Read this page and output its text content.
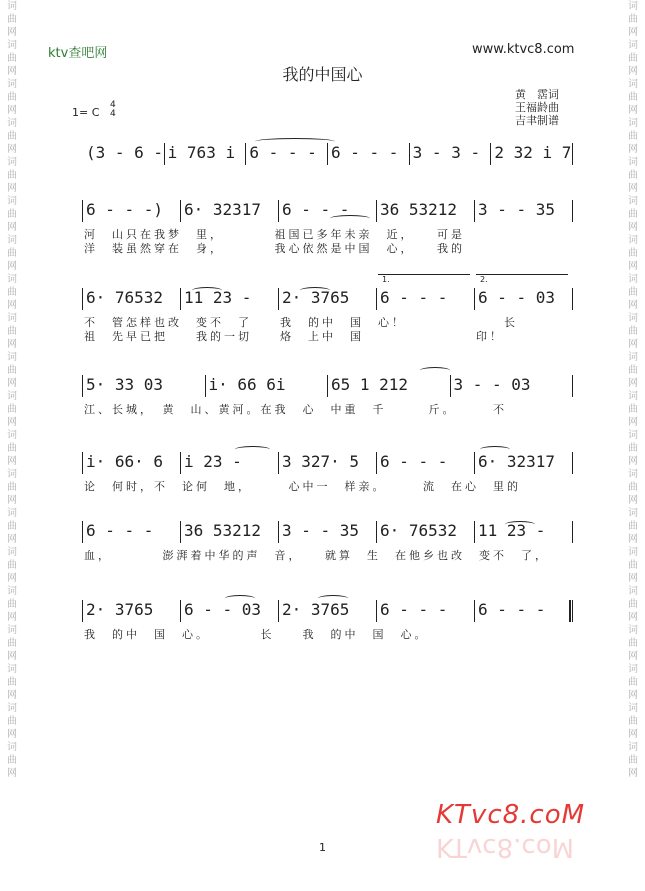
词
曲
网
词
曲
网
词
曲
网
词
曲
网
词
曲
网
词
曲
网
词
曲
网
词
曲
网
词
曲
网
词
曲
网
词
曲
网
词
曲
网
词
曲
网
词
曲
网
词
曲
网
词
曲
网
词
曲
网
词
曲
网
词
曲
网
词
曲
网
词
曲
网
词
曲
网
词
曲
网
词
曲
网
词
曲
网
词
曲
网
词
曲
网
词
曲
网
词
曲
网
词
曲
网
词
曲
网
词
曲
网
词
曲
网
词
曲
网
词
曲
网
词
曲
网
词
曲
网
词
曲
网
词
曲
网
词
曲
网
ktv查吧网	www.ktvc8.com
我的中国心
黄　霑词
王福龄曲
吉聿制谱
1= C
4
4
(3 - 6 - i 763 i 6 - - - 6 - - - 3 - 3 - 2 32 i 7
6 - - -) 6· 32317 6 - - - 36 53212 3 - - 35
河　山只在我梦　里，　　　　祖国已多年未亲　近，　　可是
洋　装虽然穿在　身，　　　　我心依然是中国　心，　　我的
6· 76532 11 23 - 2· 3765 6 - - - 6 - - 03
1.	2.
不　管怎样也改　变不　了　　我　的中　国　心！　　　　　　　长
祖　先早已把　　我的一切　　烙　上中　国　　　　　　　　印！
5· 33 03	i· 66 6i	65 1 212	3 - - 03
江、长城，　黄　山、黄河。在我　心　中重　千　　　斤。　　　不
i· 66· 6 i 23 -	3 327· 5 6 - - - 6· 32317
论　何时，不　论何　地，　　　心中一　样亲。　　　流　在心　里的
6 - - - 36 53212 3 - - 35 6· 76532 11 23 -
血，　　　　澎湃着中华的声　音，　　就算　生　在他乡也改　变不　了，
2· 3765 6 - - 03 2· 3765 6 - - - 6 - - -
我　的中　国　心。　　　　长　　我　的中　国　心。
KTvc8.coM
KTvc8.coM
1
